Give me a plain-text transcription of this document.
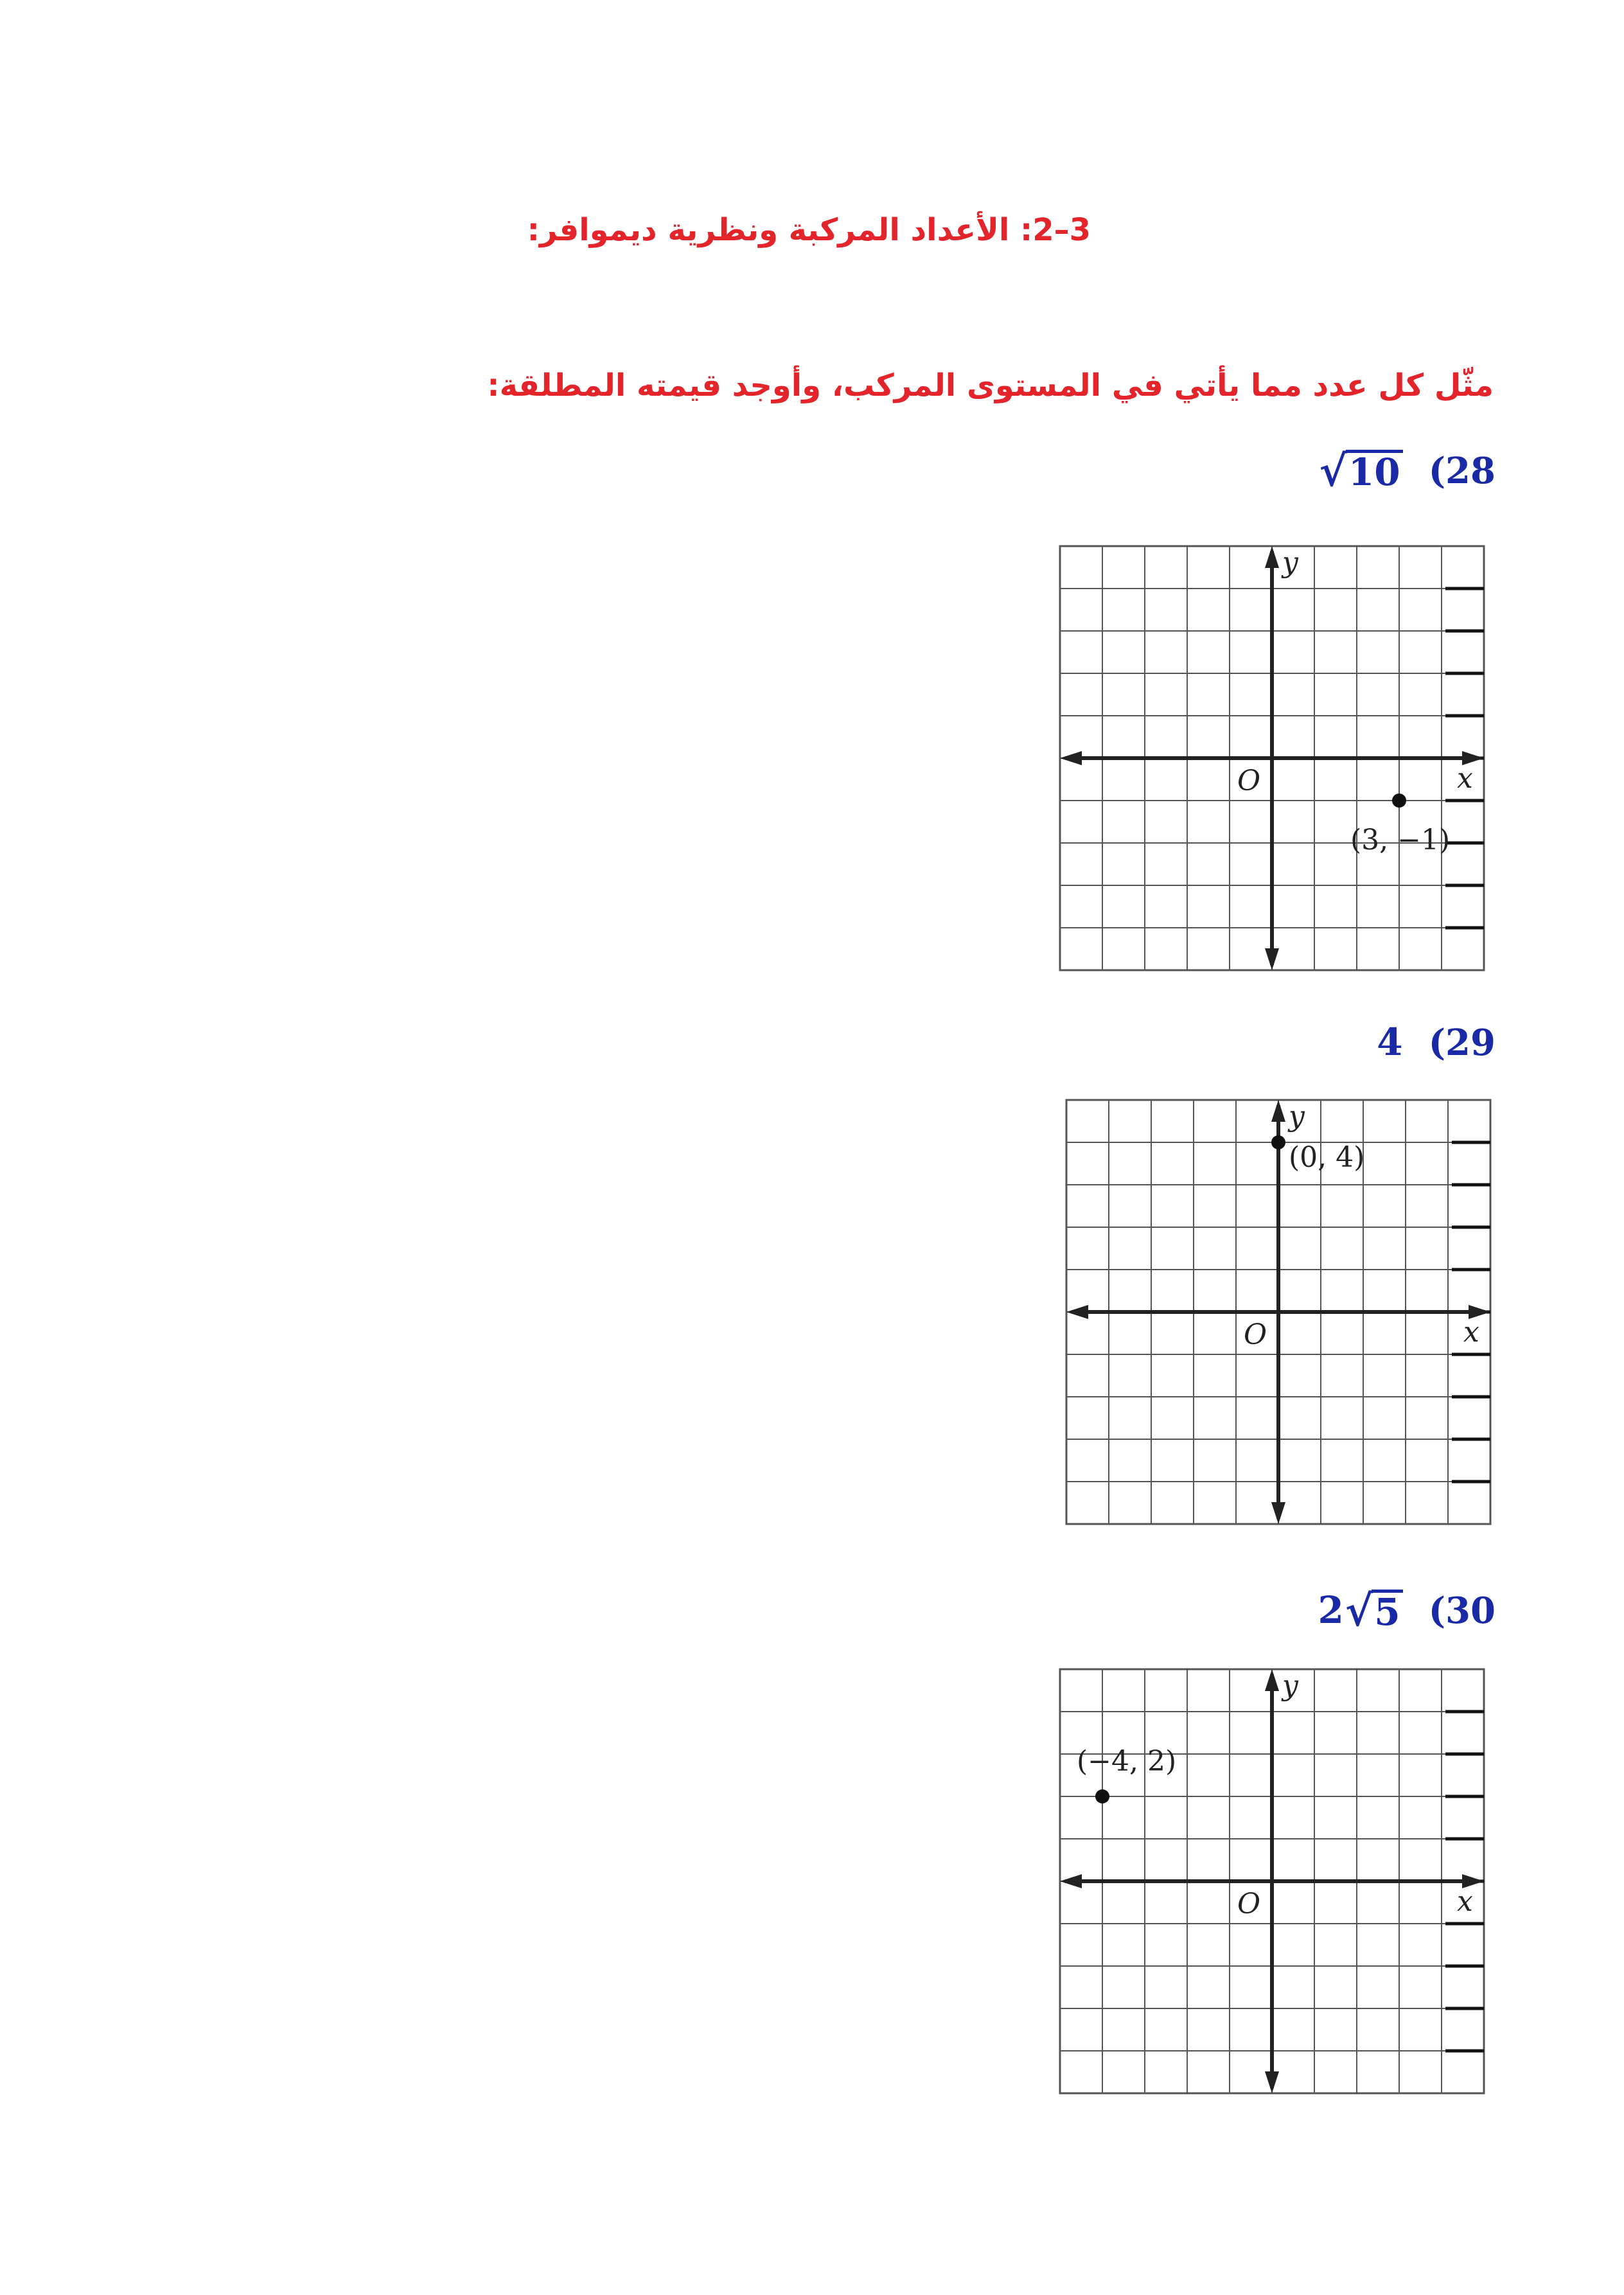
3–2: الأعداد المركبة ونظرية ديموافر:
مثّل كل عدد مما يأتي في المستوى المركب، وأوجد قيمته المطلقة:
(28
√ 10
x
y
O
(3, −1)
(29
4
x
y
O
(0, 4)
(30
2 √ 5
x
y
O
(−4, 2)
